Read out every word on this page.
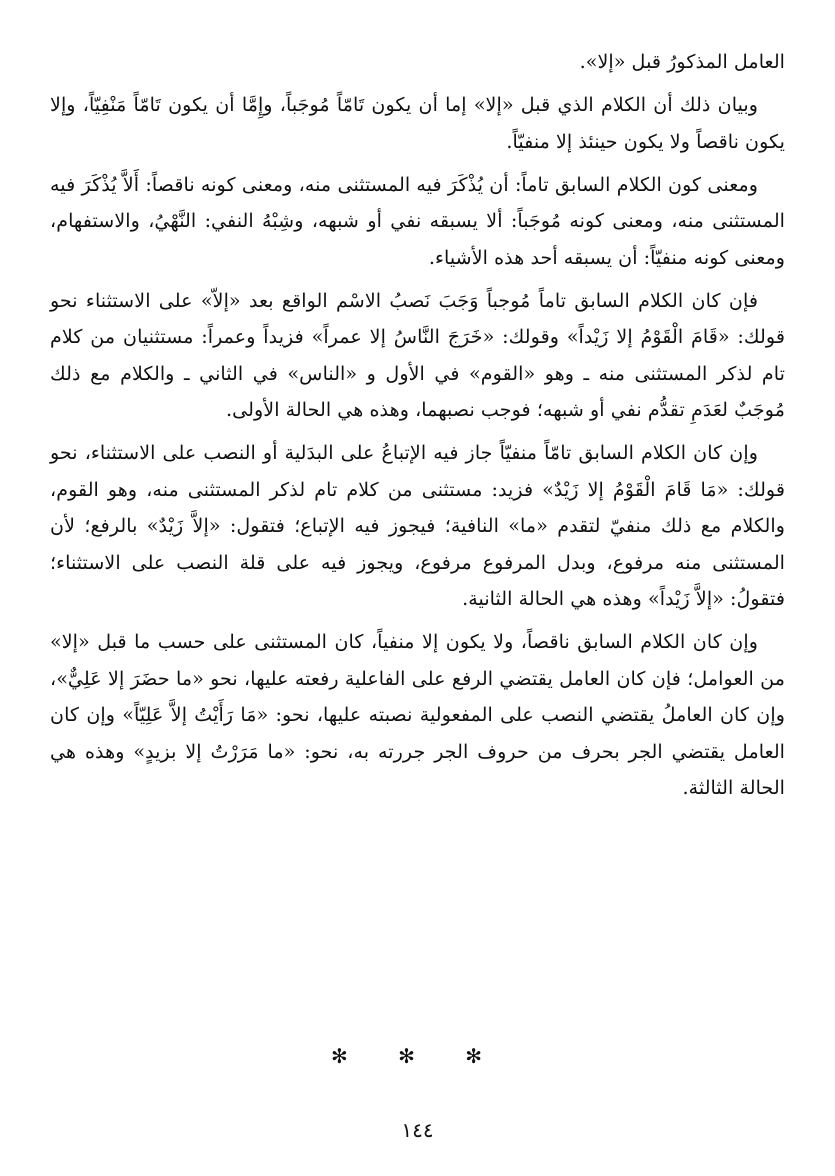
العامل المذكورُ قبل «إلا».

وبيان ذلك أن الكلام الذي قبل «إلا» إما أن يكون تَامّاً مُوجَباً، وإِمَّا أن يكون تَامّاً مَنْفِيّاً، وإلا يكون ناقصاً ولا يكون حينئذ إلا منفيّاً.

ومعنى كون الكلام السابق تاماً: أن يُذْكَرَ فيه المستثنى منه، ومعنى كونه ناقصاً: أَلاَّ يُذْكَرَ فيه المستثنى منه، ومعنى كونه مُوجَباً: ألا يسبقه نفي أو شبهه، وشِبْهُ النفي: النَّهْيُ، والاستفهام، ومعنى كونه منفيّاً: أن يسبقه أحد هذه الأشياء.

فإن كان الكلام السابق تاماً مُوجباً وَجَبَ نَصبُ الاسْم الواقع بعد «إلاّ» على الاستثناء نحو قولك: «قَامَ الْقَوْمُ إلا زَيْداً» وقولك: «خَرَجَ النَّاسُ إلا عمراً» فزيداً وعمراً: مستثنيان من كلام تام لذكر المستثنى منه ـ وهو «القوم» في الأول و «الناس» في الثاني ـ والكلام مع ذلك مُوجَبٌ لعَدَمِ تقدُّم نفي أو شبهه؛ فوجب نصبهما، وهذه هي الحالة الأولى.

وإن كان الكلام السابق تامّاً منفيّاً جاز فيه الإتباعُ على البدَلية أو النصب على الاستثناء، نحو قولك: «مَا قَامَ الْقَوْمُ إلا زَيْدٌ» فزيد: مستثنى من كلام تام لذكر المستثنى منه، وهو القوم، والكلام مع ذلك منفيّ لتقدم «ما» النافية؛ فيجوز فيه الإتباع؛ فتقول: «إلاَّ زَيْدٌ» بالرفع؛ لأن المستثنى منه مرفوع، وبدل المرفوع مرفوع، ويجوز فيه على قلة النصب على الاستثناء؛ فتقولُ: «إلاَّ زَيْداً» وهذه هي الحالة الثانية.

وإن كان الكلام السابق ناقصاً، ولا يكون إلا منفياً، كان المستثنى على حسب ما قبل «إلا» من العوامل؛ فإن كان العامل يقتضي الرفع على الفاعلية رفعته عليها، نحو «ما حضَرَ إلا عَلِيٌّ»، وإن كان العاملُ يقتضي النصب على المفعولية نصبته عليها، نحو: «مَا رَأَيْتُ إلاَّ عَلِيّاً» وإن كان العامل يقتضي الجر بحرف من حروف الجر جررته به، نحو: «ما مَرَرْتُ إلا بزيدٍ» وهذه هي الحالة الثالثة.

✻ ✻ ✻
١٤٤
